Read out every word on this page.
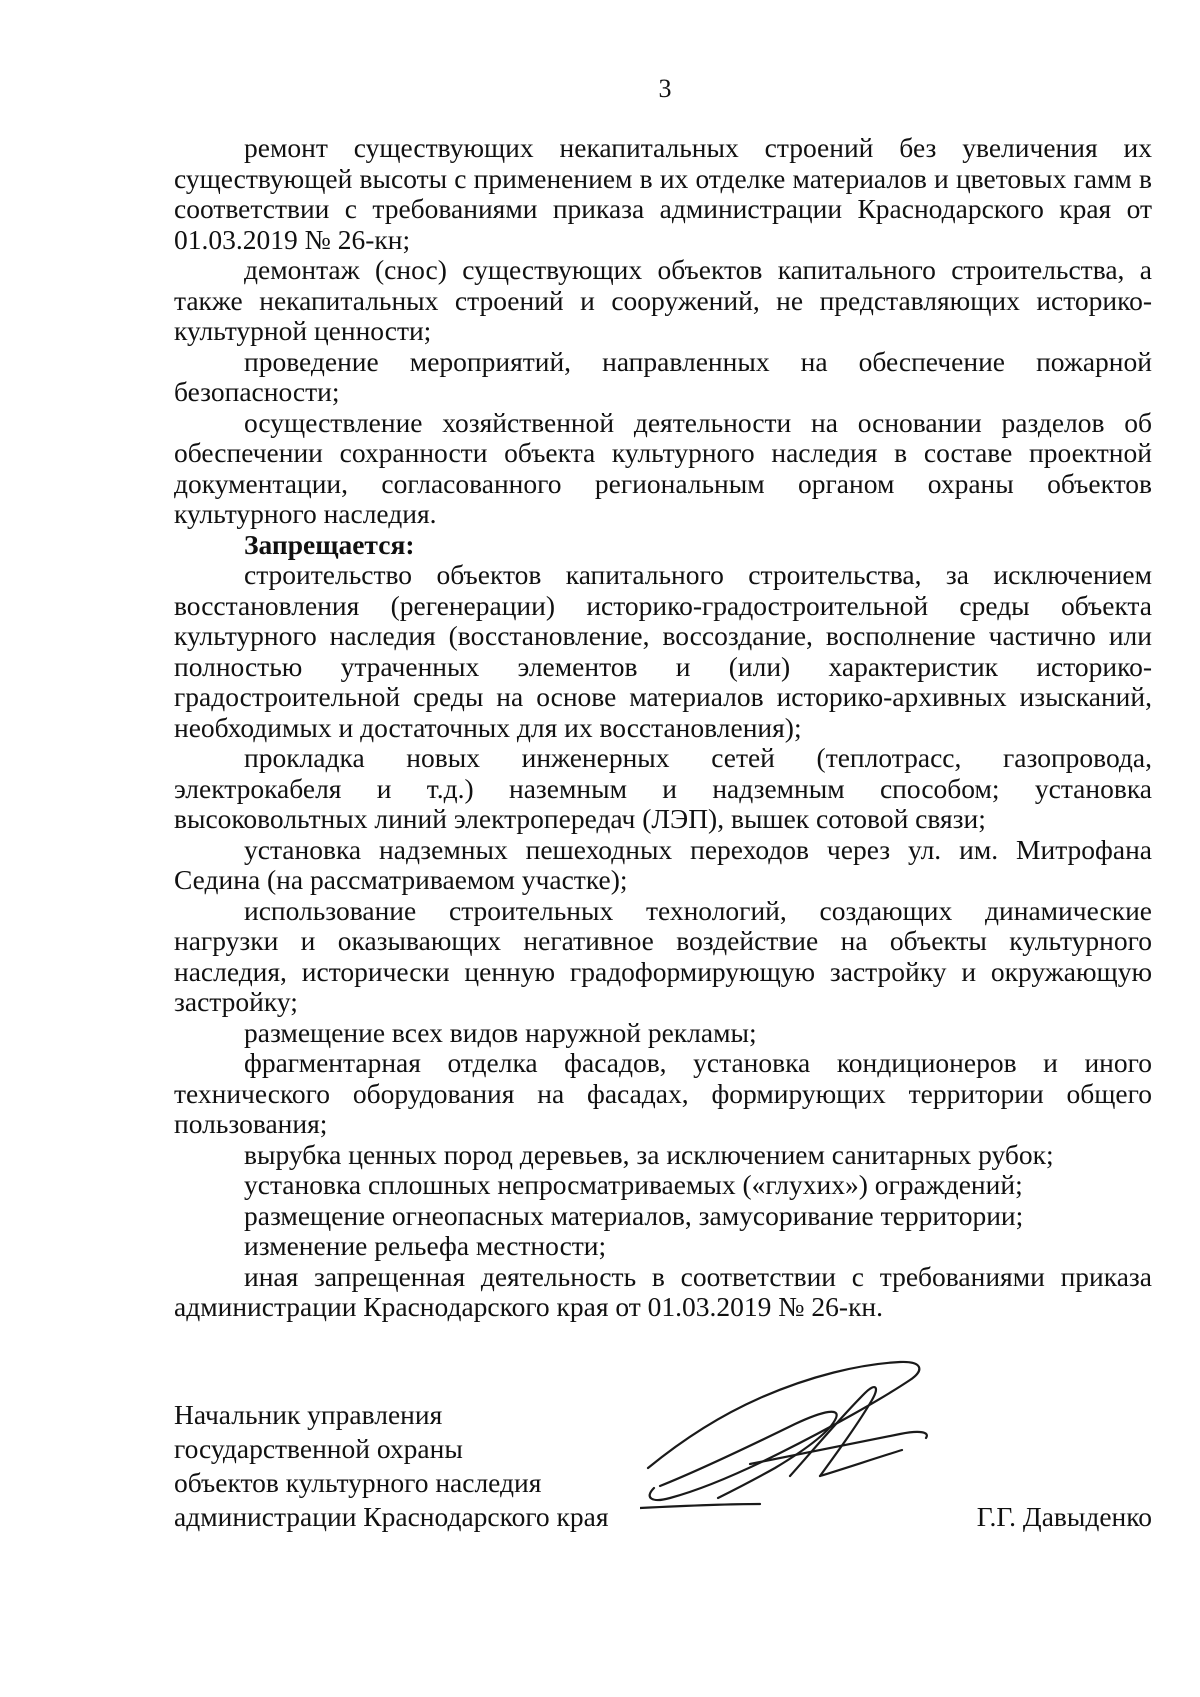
3

ремонт существующих некапитальных строений без увеличения их существующей высоты с применением в их отделке материалов и цветовых гамм в соответствии с требованиями приказа администрации Краснодарского края от 01.03.2019 № 26-кн;

демонтаж (снос) существующих объектов капитального строительства, а также некапитальных строений и сооружений, не представляющих историко-культурной ценности;

проведение мероприятий, направленных на обеспечение пожарной безопасности;

осуществление хозяйственной деятельности на основании разделов об обеспечении сохранности объекта культурного наследия в составе проектной документации, согласованного региональным органом охраны объектов культурного наследия.

Запрещается:

строительство объектов капитального строительства, за исключением восстановления (регенерации) историко-градостроительной среды объекта культурного наследия (восстановление, воссоздание, восполнение частично или полностью утраченных элементов и (или) характеристик историко-градостроительной среды на основе материалов историко-архивных изысканий, необходимых и достаточных для их восстановления);

прокладка новых инженерных сетей (теплотрасс, газопровода, электрокабеля и т.д.) наземным и надземным способом; установка высоковольтных линий электропередач (ЛЭП), вышек сотовой связи;

установка надземных пешеходных переходов через ул. им. Митрофана Седина (на рассматриваемом участке);

использование строительных технологий, создающих динамические нагрузки и оказывающих негативное воздействие на объекты культурного наследия, исторически ценную градоформирующую застройку и окружающую застройку;

размещение всех видов наружной рекламы;

фрагментарная отделка фасадов, установка кондиционеров и иного технического оборудования на фасадах, формирующих территории общего пользования;

вырубка ценных пород деревьев, за исключением санитарных рубок;

установка сплошных непросматриваемых («глухих») ограждений;

размещение огнеопасных материалов, замусоривание территории;

изменение рельефа местности;

иная запрещенная деятельность в соответствии с требованиями приказа администрации Краснодарского края от 01.03.2019 № 26-кн.

Начальник управления
государственной охраны
объектов культурного наследия
администрации Краснодарского края	Г.Г. Давыденко
